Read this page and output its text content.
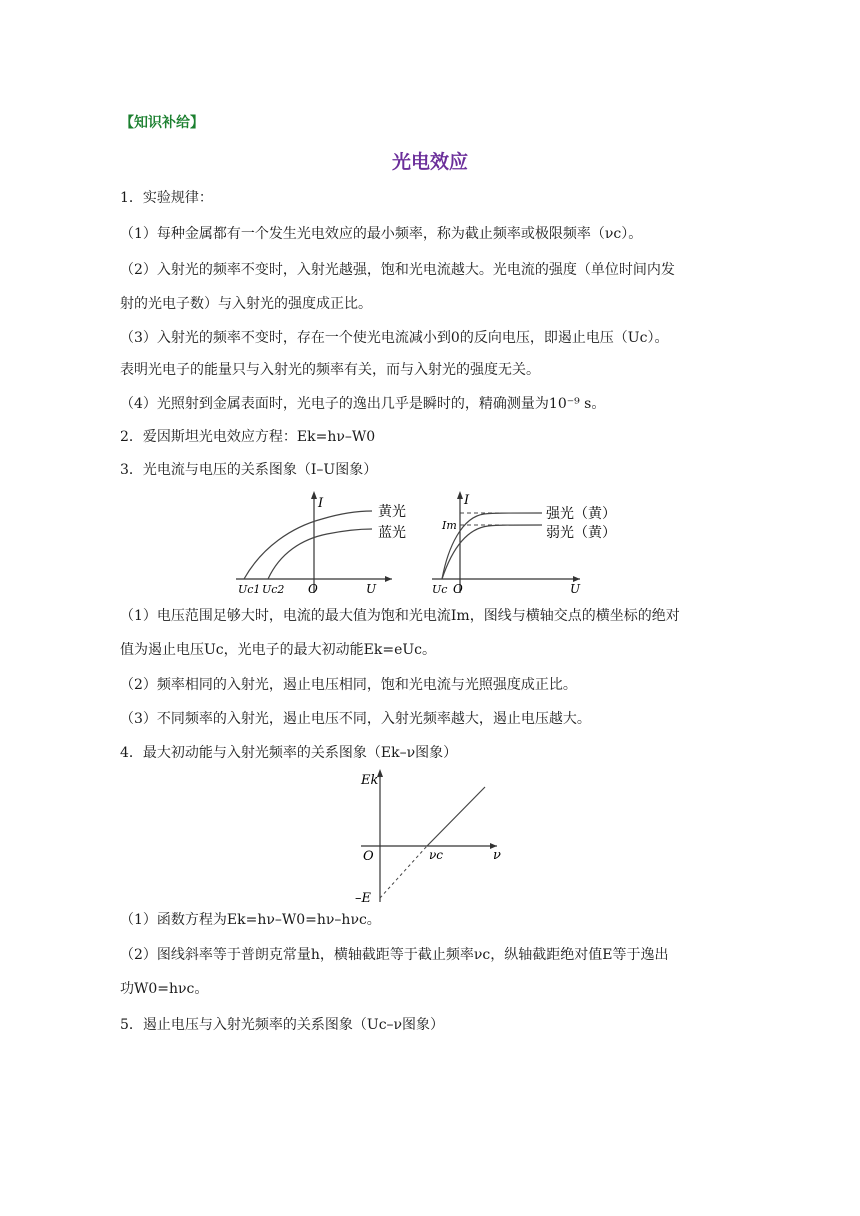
【知识补给】
光电效应
1．实验规律：
（1）每种金属都有一个发生光电效应的最小频率，称为截止频率或极限频率（νc）。
（2）入射光的频率不变时，入射光越强，饱和光电流越大。光电流的强度（单位时间内发
射的光电子数）与入射光的强度成正比。
（3）入射光的频率不变时，存在一个使光电流减小到0的反向电压，即遏止电压（Uc）。
表明光电子的能量只与入射光的频率有关，而与入射光的强度无关。
（4）光照射到金属表面时，光电子的逸出几乎是瞬时的，精确测量为10⁻⁹ s。
2．爱因斯坦光电效应方程：Ek=hν–W0
3．光电流与电压的关系图象（I–U图象）
I
黄光
蓝光
O	U
Uc1 Uc2
I
Im
强光（黄）
弱光（黄）
Uc O	U
（1）电压范围足够大时，电流的最大值为饱和光电流Im，图线与横轴交点的横坐标的绝对
值为遏止电压Uc，光电子的最大初动能Ek=eUc。
（2）频率相同的入射光，遏止电压相同，饱和光电流与光照强度成正比。
（3）不同频率的入射光，遏止电压不同，入射光频率越大，遏止电压越大。
4．最大初动能与入射光频率的关系图象（Ek–ν图象）
Ek
O	νc	ν
–E
（1）函数方程为Ek=hν–W0=hν–hνc。
（2）图线斜率等于普朗克常量h，横轴截距等于截止频率νc，纵轴截距绝对值E等于逸出
功W0=hνc。
5．遏止电压与入射光频率的关系图象（Uc–ν图象）
